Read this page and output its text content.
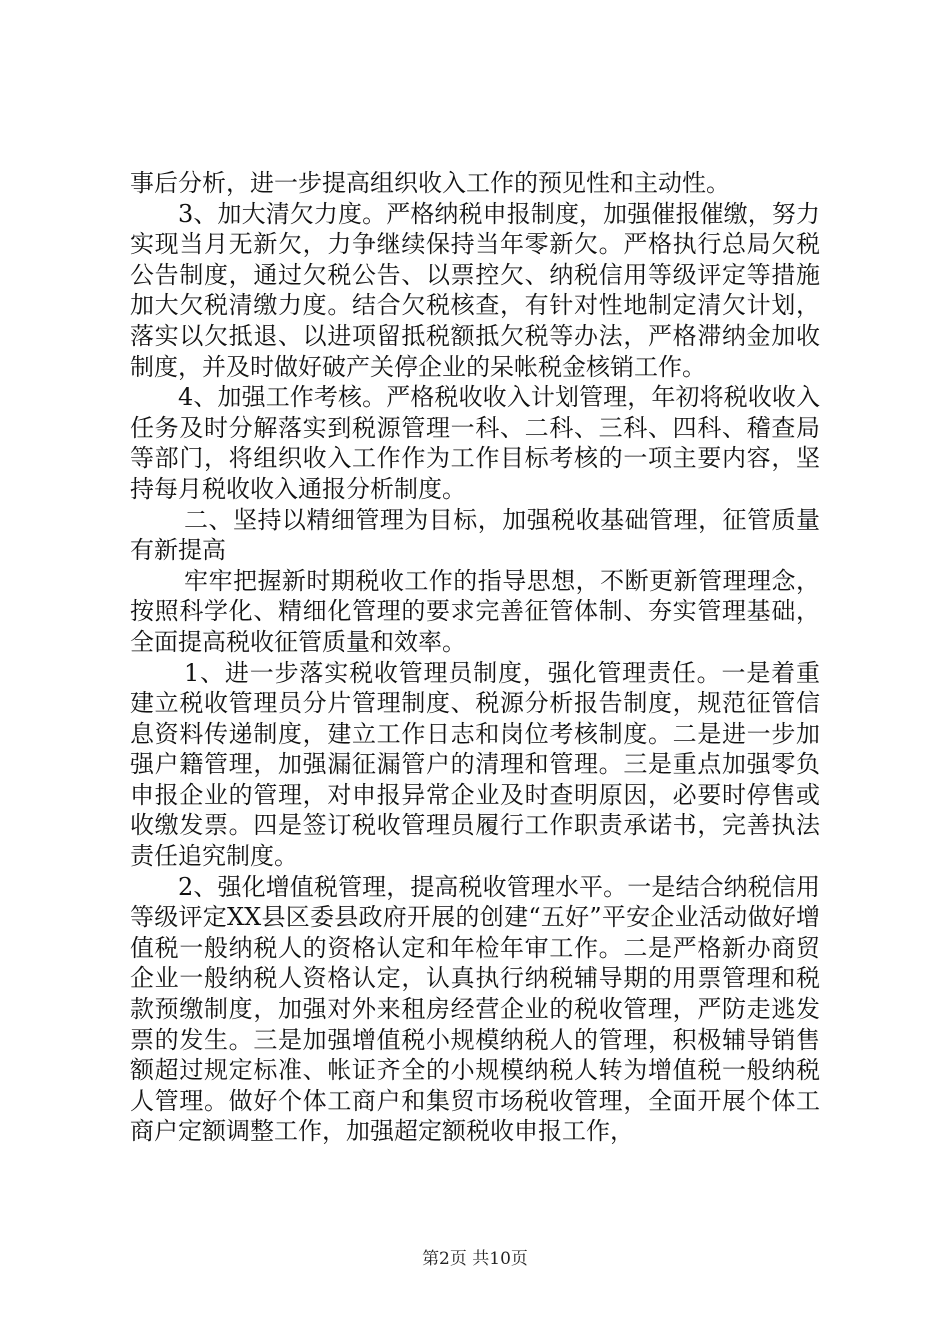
事后分析，进一步提高组织收入工作的预见性和主动性。

3、加大清欠力度。严格纳税申报制度，加强催报催缴，努力实现当月无新欠，力争继续保持当年零新欠。严格执行总局欠税公告制度，通过欠税公告、以票控欠、纳税信用等级评定等措施加大欠税清缴力度。结合欠税核查，有针对性地制定清欠计划，落实以欠抵退、以进项留抵税额抵欠税等办法，严格滞纳金加收制度，并及时做好破产关停企业的呆帐税金核销工作。

4、加强工作考核。严格税收收入计划管理，年初将税收收入任务及时分解落实到税源管理一科、二科、三科、四科、稽查局等部门，将组织收入工作作为工作目标考核的一项主要内容，坚持每月税收收入通报分析制度。

二、坚持以精细管理为目标，加强税收基础管理，征管质量有新提高

牢牢把握新时期税收工作的指导思想，不断更新管理理念，按照科学化、精细化管理的要求完善征管体制、夯实管理基础，全面提高税收征管质量和效率。

1、进一步落实税收管理员制度，强化管理责任。一是着重建立税收管理员分片管理制度、税源分析报告制度，规范征管信息资料传递制度，建立工作日志和岗位考核制度。二是进一步加强户籍管理，加强漏征漏管户的清理和管理。三是重点加强零负申报企业的管理，对申报异常企业及时查明原因，必要时停售或收缴发票。四是签订税收管理员履行工作职责承诺书，完善执法责任追究制度。

2、强化增值税管理，提高税收管理水平。一是结合纳税信用等级评定XX县区委县政府开展的创建“五好”平安企业活动做好增值税一般纳税人的资格认定和年检年审工作。二是严格新办商贸企业一般纳税人资格认定，认真执行纳税辅导期的用票管理和税款预缴制度，加强对外来租房经营企业的税收管理，严防走逃发票的发生。三是加强增值税小规模纳税人的管理，积极辅导销售额超过规定标准、帐证齐全的小规模纳税人转为增值税一般纳税人管理。做好个体工商户和集贸市场税收管理，全面开展个体工商户定额调整工作，加强超定额税收申报工作，

第2页 共10页
